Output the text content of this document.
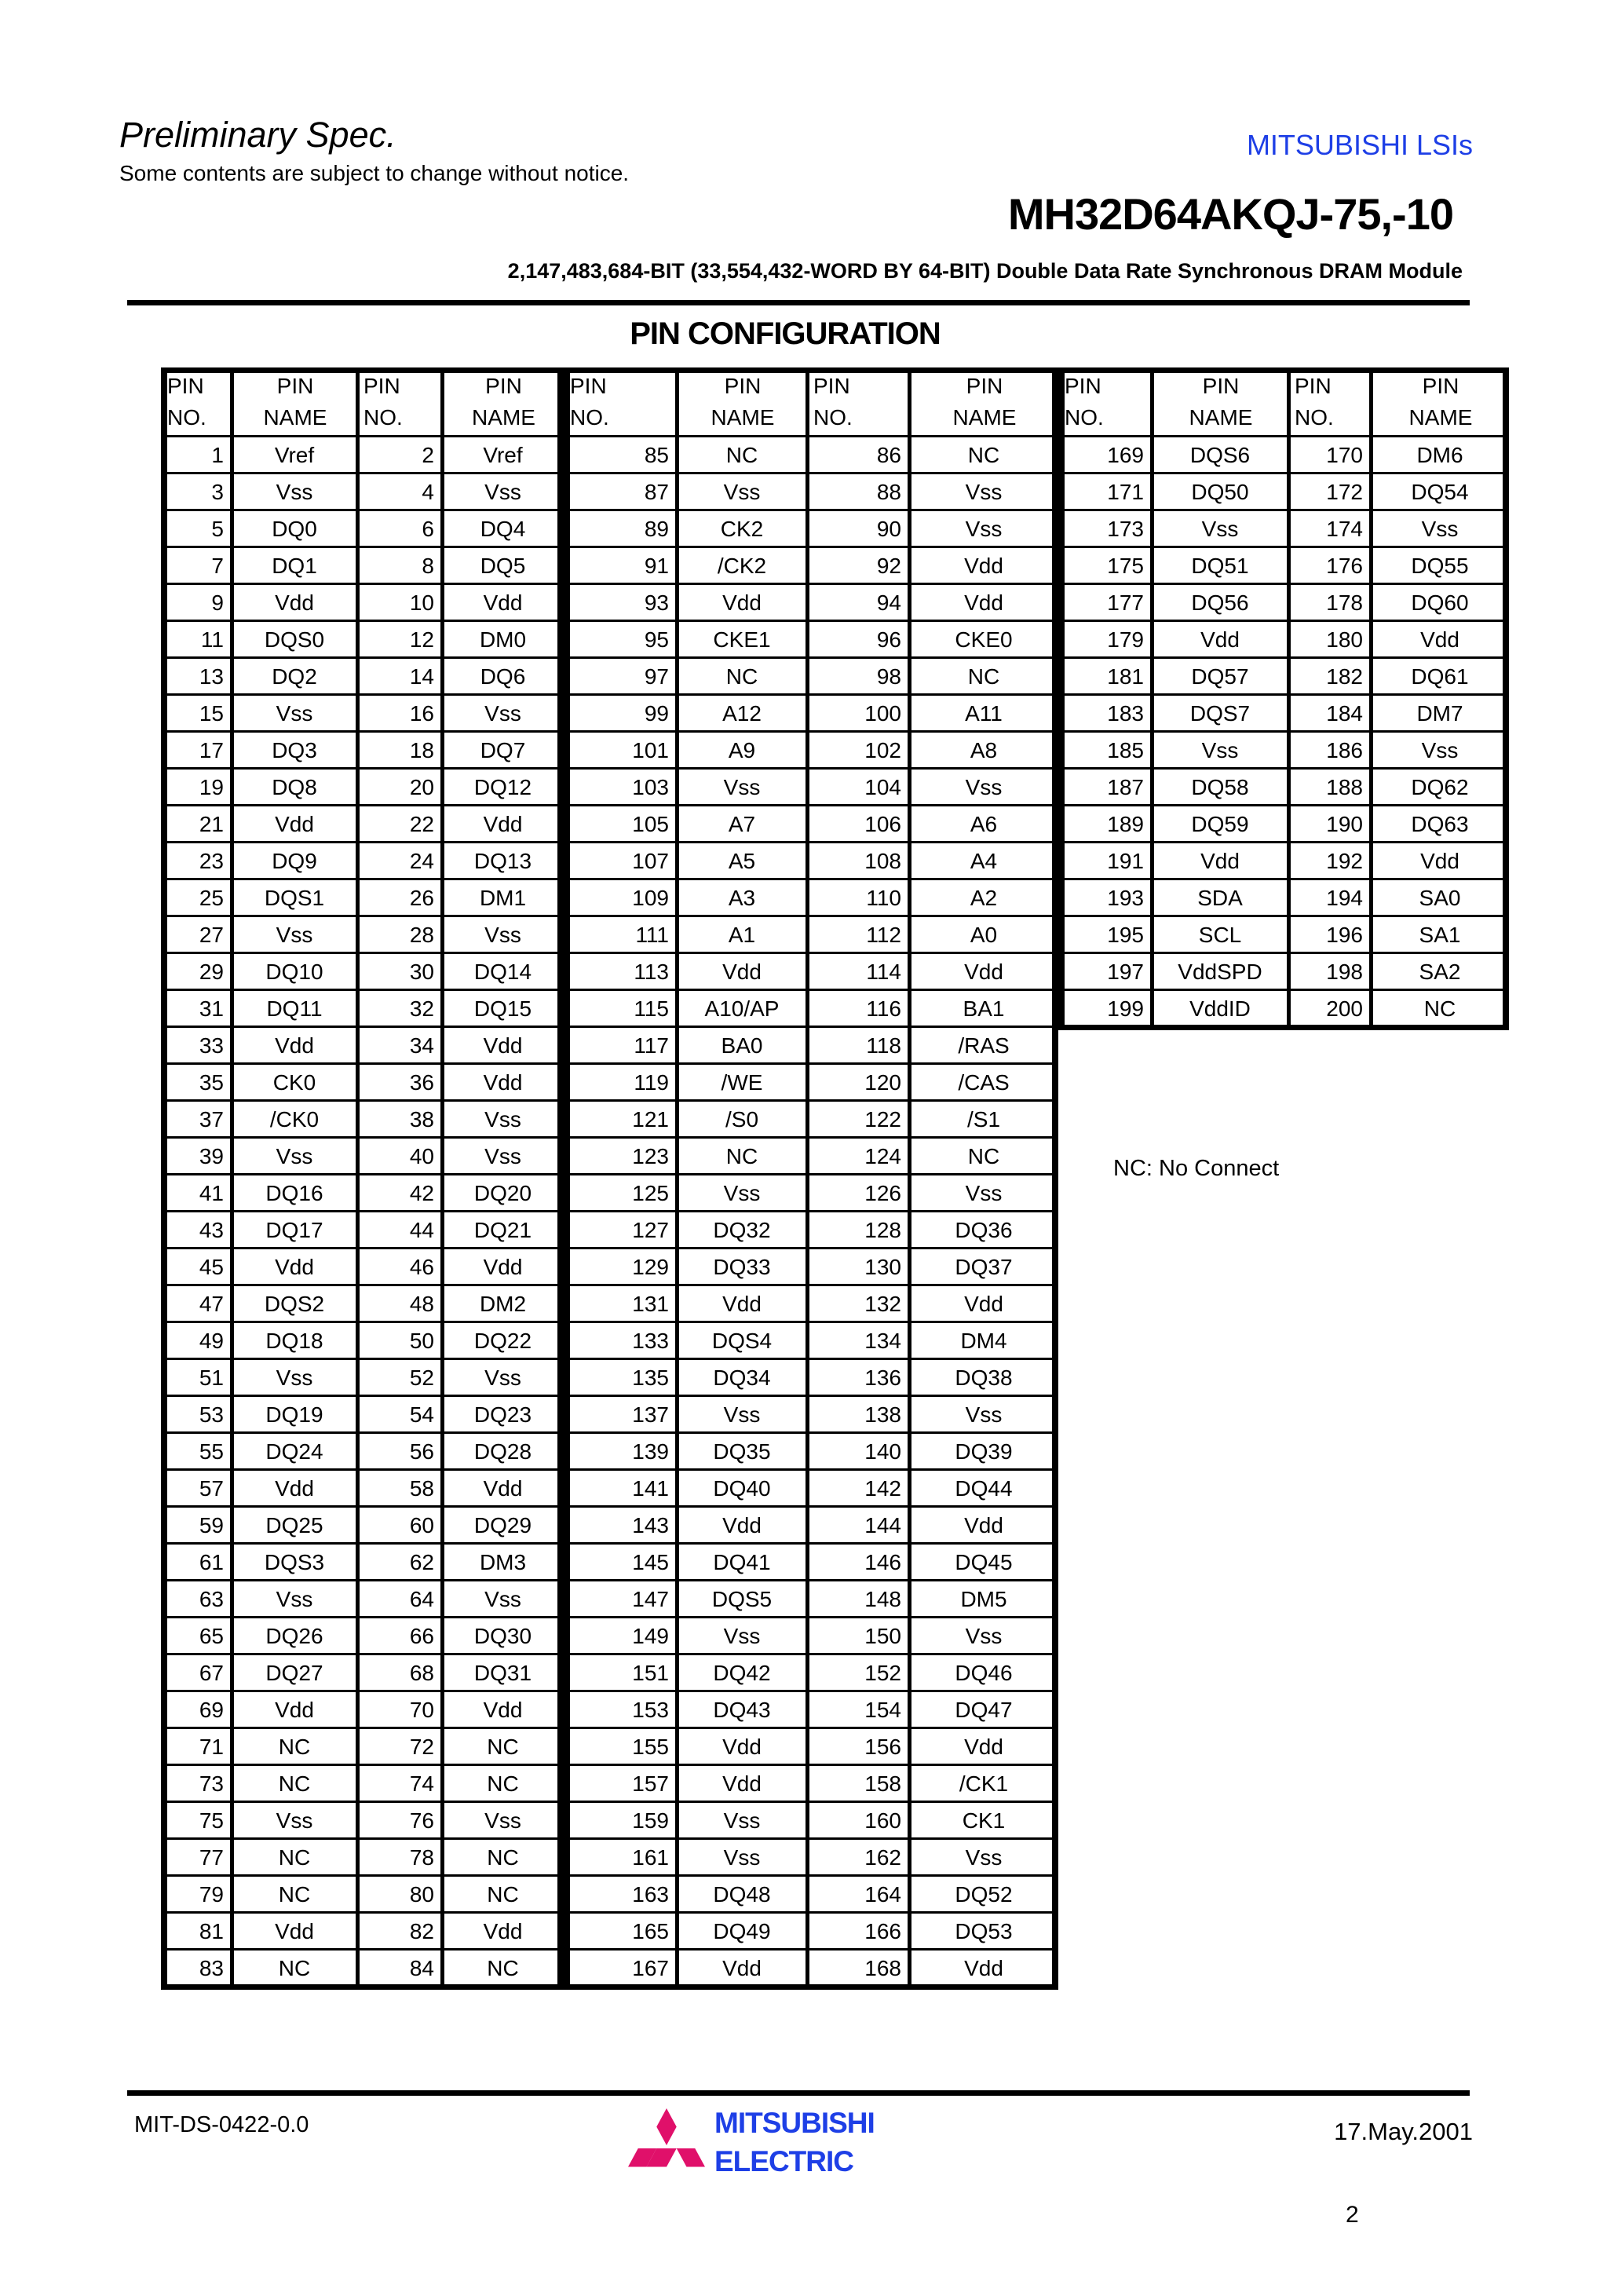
Preliminary Spec.
Some contents are subject to change without notice.
MITSUBISHI LSIs
MH32D64AKQJ-75,-10
2,147,483,684-BIT (33,554,432-WORD BY 64-BIT) Double Data Rate Synchronous DRAM Module
PIN CONFIGURATION
PIN
NO.
PIN
NAME
PIN
NO.
PIN
NAME
1	Vref	2	Vref
3	Vss	4	Vss
5	DQ0	6	DQ4
7	DQ1	8	DQ5
9	Vdd	10	Vdd
11	DQS0	12	DM0
13	DQ2	14	DQ6
15	Vss	16	Vss
17	DQ3	18	DQ7
19	DQ8	20	DQ12
21	Vdd	22	Vdd
23	DQ9	24	DQ13
25	DQS1	26	DM1
27	Vss	28	Vss
29	DQ10	30	DQ14
31	DQ11	32	DQ15
33	Vdd	34	Vdd
35	CK0	36	Vdd
37	/CK0	38	Vss
39	Vss	40	Vss
41	DQ16	42	DQ20
43	DQ17	44	DQ21
45	Vdd	46	Vdd
47	DQS2	48	DM2
49	DQ18	50	DQ22
51	Vss	52	Vss
53	DQ19	54	DQ23
55	DQ24	56	DQ28
57	Vdd	58	Vdd
59	DQ25	60	DQ29
61	DQS3	62	DM3
63	Vss	64	Vss
65	DQ26	66	DQ30
67	DQ27	68	DQ31
69	Vdd	70	Vdd
71	NC	72	NC
73	NC	74	NC
75	Vss	76	Vss
77	NC	78	NC
79	NC	80	NC
81	Vdd	82	Vdd
83	NC	84	NC
PIN
NO.
PIN
NAME
PIN
NO.
PIN
NAME
85	NC	86	NC
87	Vss	88	Vss
89	CK2	90	Vss
91	/CK2	92	Vdd
93	Vdd	94	Vdd
95	CKE1	96	CKE0
97	NC	98	NC
99	A12	100	A11
101	A9	102	A8
103	Vss	104	Vss
105	A7	106	A6
107	A5	108	A4
109	A3	110	A2
111	A1	112	A0
113	Vdd	114	Vdd
115	A10/AP	116	BA1
117	BA0	118	/RAS
119	/WE	120	/CAS
121	/S0	122	/S1
123	NC	124	NC
125	Vss	126	Vss
127	DQ32	128	DQ36
129	DQ33	130	DQ37
131	Vdd	132	Vdd
133	DQS4	134	DM4
135	DQ34	136	DQ38
137	Vss	138	Vss
139	DQ35	140	DQ39
141	DQ40	142	DQ44
143	Vdd	144	Vdd
145	DQ41	146	DQ45
147	DQS5	148	DM5
149	Vss	150	Vss
151	DQ42	152	DQ46
153	DQ43	154	DQ47
155	Vdd	156	Vdd
157	Vdd	158	/CK1
159	Vss	160	CK1
161	Vss	162	Vss
163	DQ48	164	DQ52
165	DQ49	166	DQ53
167	Vdd	168	Vdd
PIN
NO.
PIN
NAME
PIN
NO.
PIN
NAME
169	DQS6	170	DM6
171	DQ50	172	DQ54
173	Vss	174	Vss
175	DQ51	176	DQ55
177	DQ56	178	DQ60
179	Vdd	180	Vdd
181	DQ57	182	DQ61
183	DQS7	184	DM7
185	Vss	186	Vss
187	DQ58	188	DQ62
189	DQ59	190	DQ63
191	Vdd	192	Vdd
193	SDA	194	SA0
195	SCL	196	SA1
197	VddSPD	198	SA2
199	VddID	200	NC
NC: No Connect
MIT-DS-0422-0.0	MITSUBISHI
ELECTRIC
17.May.2001
2
